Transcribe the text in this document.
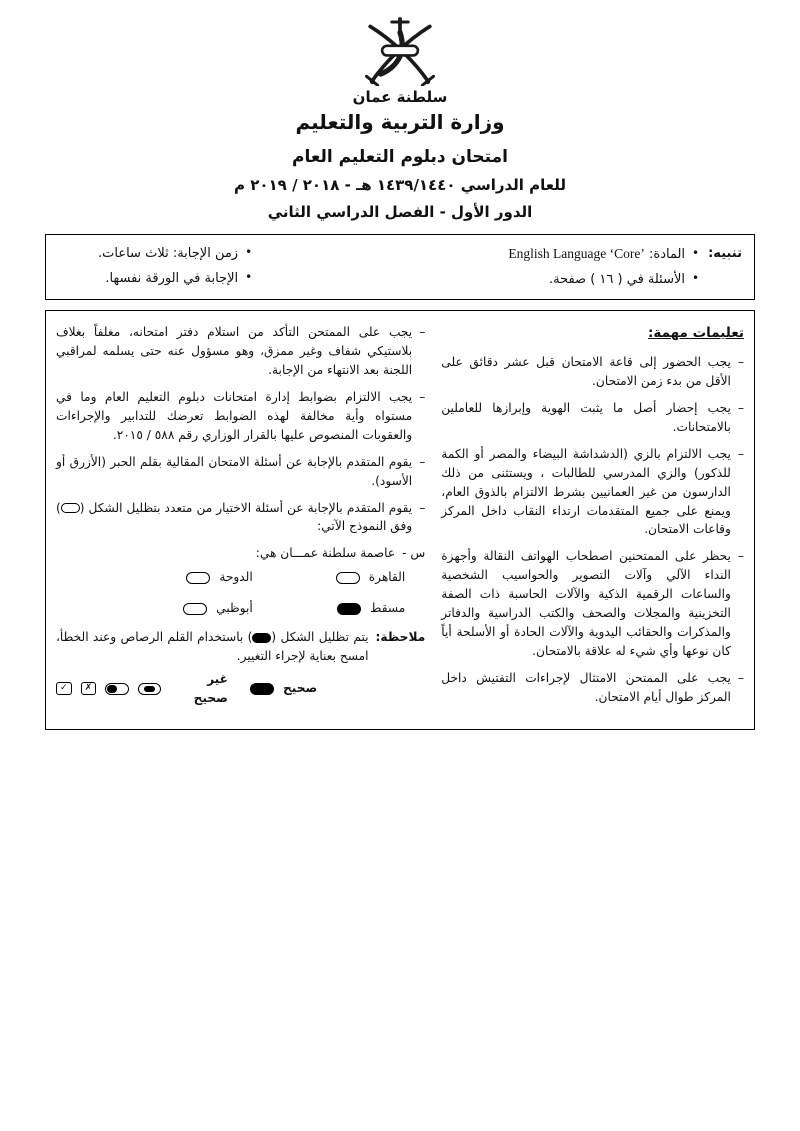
سلطنة عمان
وزارة التربية والتعليم
امتحان دبلوم التعليم العام
للعام الدراسي ١٤٣٩/١٤٤٠ هـ - ٢٠١٨ / ٢٠١٩ م
الدور الأول - الفصل الدراسي الثاني
تنبيه:
•
المادة: English Language ‘Core’
•
الأسئلة في ( ١٦ ) صفحة.
•
زمن الإجابة: ثلاث ساعات.
•
الإجابة في الورقة نفسها.
تعليمات مهمة:
–
يجب الحضور إلى قاعة الامتحان قبل عشر دقائق على الأقل من بدء زمن الامتحان.
–
يجب إحضار أصل ما يثبت الهوية وإبرازها للعاملين بالامتحانات.
–
يجب الالتزام بالزي (الدشداشة البيضاء والمصر أو الكمة للذكور) والزي المدرسي للطالبات ، ويستثنى من ذلك الدارسون من غير العمانيين بشرط الالتزام بالذوق العام، ويمنع على جميع المتقدمات ارتداء النقاب داخل المركز وقاعات الامتحان.
–
يحظر على الممتحنين اصطحاب الهواتف النقالة وأجهزة النداء الآلي وآلات التصوير والحواسيب الشخصية والساعات الرقمية الذكية والآلات الحاسبة ذات الصفة التخزينية والمجلات والصحف والكتب الدراسية والدفاتر والمذكرات والحقائب اليدوية والآلات الحادة أو الأسلحة أياً كان نوعها وأي شيء له علاقة بالامتحان.
–
يجب على الممتحن الامتثال لإجراءات التفتيش داخل المركز طوال أيام الامتحان.
–
يجب على الممتحن التأكد من استلام دفتر امتحانه، مغلفاً بغلاف بلاستيكي شفاف وغير ممزق، وهو مسؤول عنه حتى يسلمه لمراقبي اللجنة بعد الانتهاء من الإجابة.
–
يجب الالتزام بضوابط إدارة امتحانات دبلوم التعليم العام وما في مستواه وأية مخالفة لهذه الضوابط تعرضك للتدابير والإجراءات والعقوبات المنصوص عليها بالقرار الوزاري رقم ٥٨٨ / ٢٠١٥.
–
يقوم المتقدم بالإجابة عن أسئلة الامتحان المقالية بقلم الحبر (الأزرق أو الأسود).
–
يقوم المتقدم بالإجابة عن أسئلة الاختيار من متعدد بتظليل الشكل () وفق النموذج الآتي:
س -
عاصمة سلطنة عمـــان هي:
القاهرة
الدوحة
مسقط
أبوظبي
ملاحظة:
يتم تظليل الشكل () باستخدام القلم الرصاص وعند الخطأ، امسح بعناية لإجراء التغيير.
صحيح
غير صحيح
✗
✓
